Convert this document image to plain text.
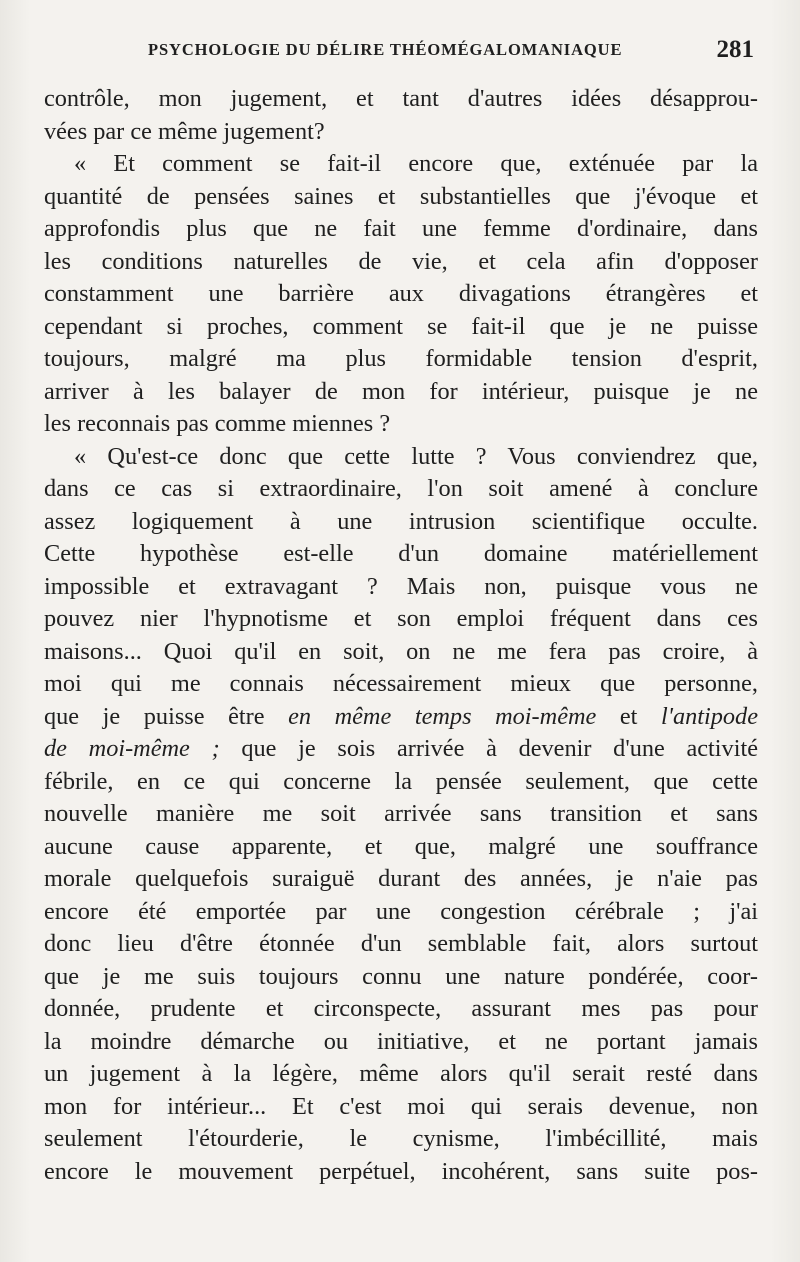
PSYCHOLOGIE DU DÉLIRE THÉOMÉGALOMANIAQUE	281
contrôle, mon jugement, et tant d'autres idées désapprou-
vées par ce même jugement?
« Et comment se fait-il encore que, exténuée par la
quantité de pensées saines et substantielles que j'évoque et
approfondis plus que ne fait une femme d'ordinaire, dans
les conditions naturelles de vie, et cela afin d'opposer
constamment une barrière aux divagations étrangères et
cependant si proches, comment se fait-il que je ne puisse
toujours, malgré ma plus formidable tension d'esprit,
arriver à les balayer de mon for intérieur, puisque je ne
les reconnais pas comme miennes ?
« Qu'est-ce donc que cette lutte ? Vous conviendrez que,
dans ce cas si extraordinaire, l'on soit amené à conclure
assez logiquement à une intrusion scientifique occulte.
Cette hypothèse est-elle d'un domaine matériellement
impossible et extravagant ? Mais non, puisque vous ne
pouvez nier l'hypnotisme et son emploi fréquent dans ces
maisons... Quoi qu'il en soit, on ne me fera pas croire, à
moi qui me connais nécessairement mieux que personne,
que je puisse être en même temps moi-même et l'antipode
de moi-même ; que je sois arrivée à devenir d'une activité
fébrile, en ce qui concerne la pensée seulement, que cette
nouvelle manière me soit arrivée sans transition et sans
aucune cause apparente, et que, malgré une souffrance
morale quelquefois suraiguë durant des années, je n'aie pas
encore été emportée par une congestion cérébrale ; j'ai
donc lieu d'être étonnée d'un semblable fait, alors surtout
que je me suis toujours connu une nature pondérée, coor-
donnée, prudente et circonspecte, assurant mes pas pour
la moindre démarche ou initiative, et ne portant jamais
un jugement à la légère, même alors qu'il serait resté dans
mon for intérieur... Et c'est moi qui serais devenue, non
seulement l'étourderie, le cynisme, l'imbécillité, mais
encore le mouvement perpétuel, incohérent, sans suite pos-
